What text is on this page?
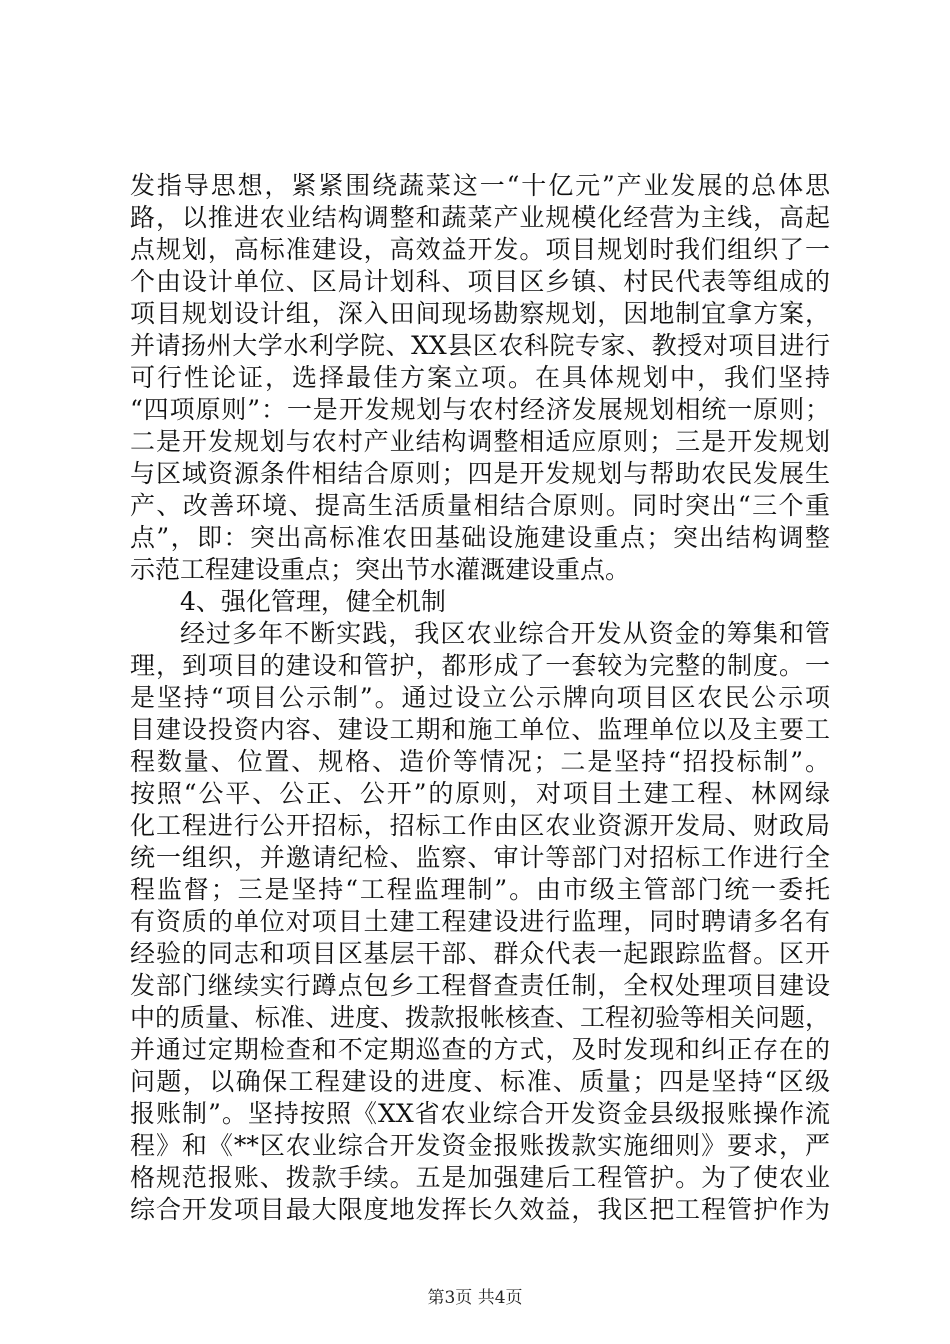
发指导思想，紧紧围绕蔬菜这一“十亿元”产业发展的总体思
路，以推进农业结构调整和蔬菜产业规模化经营为主线，高起
点规划，高标准建设，高效益开发。项目规划时我们组织了一
个由设计单位、区局计划科、项目区乡镇、村民代表等组成的
项目规划设计组，深入田间现场勘察规划，因地制宜拿方案，
并请扬州大学水利学院、XX县区农科院专家、教授对项目进行
可行性论证，选择最佳方案立项。在具体规划中，我们坚持
“四项原则”：一是开发规划与农村经济发展规划相统一原则；
二是开发规划与农村产业结构调整相适应原则；三是开发规划
与区域资源条件相结合原则；四是开发规划与帮助农民发展生
产、改善环境、提高生活质量相结合原则。同时突出“三个重
点”，即：突出高标准农田基础设施建设重点；突出结构调整
示范工程建设重点；突出节水灌溉建设重点。
4、强化管理，健全机制
经过多年不断实践，我区农业综合开发从资金的筹集和管
理，到项目的建设和管护，都形成了一套较为完整的制度。一
是坚持“项目公示制”。通过设立公示牌向项目区农民公示项
目建设投资内容、建设工期和施工单位、监理单位以及主要工
程数量、位置、规格、造价等情况；二是坚持“招投标制”。
按照“公平、公正、公开”的原则，对项目土建工程、林网绿
化工程进行公开招标，招标工作由区农业资源开发局、财政局
统一组织，并邀请纪检、监察、审计等部门对招标工作进行全
程监督；三是坚持“工程监理制”。由市级主管部门统一委托
有资质的单位对项目土建工程建设进行监理，同时聘请多名有
经验的同志和项目区基层干部、群众代表一起跟踪监督。区开
发部门继续实行蹲点包乡工程督查责任制，全权处理项目建设
中的质量、标准、进度、拨款报帐核查、工程初验等相关问题，
并通过定期检查和不定期巡查的方式，及时发现和纠正存在的
问题，以确保工程建设的进度、标准、质量；四是坚持“区级
报账制”。坚持按照《XX省农业综合开发资金县级报账操作流
程》和《**区农业综合开发资金报账拨款实施细则》要求，严
格规范报账、拨款手续。五是加强建后工程管护。为了使农业
综合开发项目最大限度地发挥长久效益，我区把工程管护作为
第3页 共4页
